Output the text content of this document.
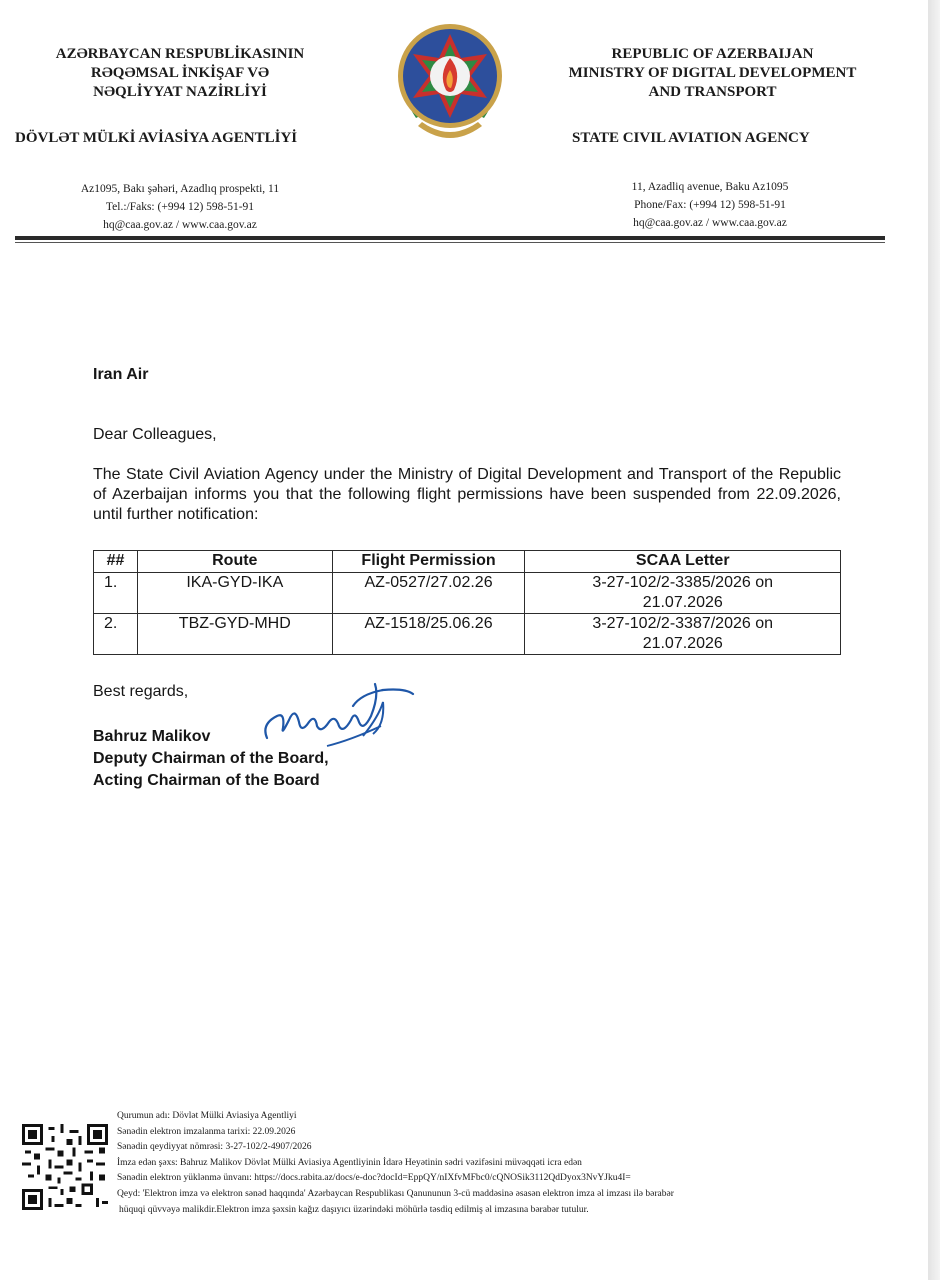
AZƏRBAYCAN RESPUBLİKASININ
RƏQƏMSAL İNKİŞAF VƏ
NƏQLİYYAT NAZİRLİYİ
REPUBLIC OF AZERBAIJAN
MINISTRY OF DIGITAL DEVELOPMENT
AND TRANSPORT
DÖVLƏT MÜLKİ AVİASİYA AGENTLİYİ	STATE CIVIL AVIATION AGENCY
Az1095, Bakı şəhəri, Azadlıq prospekti, 11
Tel.:/Faks: (+994 12) 598-51-91
hq@caa.gov.az / www.caa.gov.az
11, Azadliq avenue, Baku Az1095
Phone/Fax: (+994 12) 598-51-91
hq@caa.gov.az / www.caa.gov.az
Iran Air
Dear Colleagues,
The State Civil Aviation Agency under the Ministry of Digital Development and Transport of the Republic of Azerbaijan informs you that the following flight permissions have been suspended from 22.09.2026, until further notification:
##	Route	Flight Permission	SCAA Letter
1.	IKA-GYD-IKA	AZ-0527/27.02.26	3-27-102/2-3385/2026 on
21.07.2026

2.	TBZ-GYD-MHD	AZ-1518/25.06.26	3-27-102/2-3387/2026 on
21.07.2026
Best regards,
Bahruz Malikov
Deputy Chairman of the Board,
Acting Chairman of the Board
Qurumun adı: Dövlət Mülki Aviasiya Agentliyi
Sənədin elektron imzalanma tarixi: 22.09.2026
Sənədin qeydiyyat nömrəsi: 3-27-102/2-4907/2026
İmza edən şəxs: Bahruz Malikov Dövlət Mülki Aviasiya Agentliyinin İdarə Heyətinin sədri vəzifəsini müvəqqəti icra edən
Sənədin elektron yüklənmə ünvanı: https://docs.rabita.az/docs/e-doc?docId=EppQY/nIXfvMFbc0/cQNOSik3112QdDyox3NvYJku4I=
Qeyd: 'Elektron imza və elektron sənəd haqqında' Azərbaycan Respublikası Qanununun 3-cü maddəsinə əsasən elektron imza əl imzası ilə bərabər
hüquqi qüvvəyə malikdir.Elektron imza şəxsin kağız daşıyıcı üzərindəki möhürlə təsdiq edilmiş əl imzasına bərabər tutulur.
